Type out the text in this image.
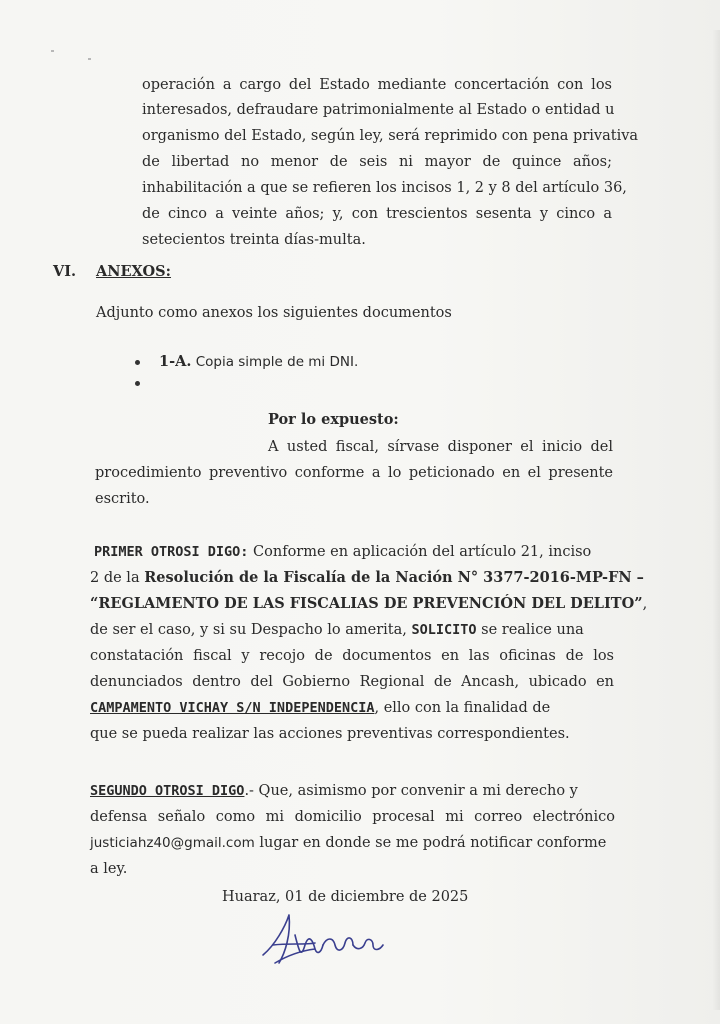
operación a cargo del Estado mediante concertación con los
interesados, defraudare patrimonialmente al Estado o entidad u
organismo del Estado, según ley, será reprimido con pena privativa
de libertad no menor de seis ni mayor de quince años;
inhabilitación a que se refieren los incisos 1, 2 y 8 del artículo 36,
de cinco a veinte años; y, con trescientos sesenta y cinco a
setecientos treinta días-multa.
VI. ANEXOS:
Adjunto como anexos los siguientes documentos
1-A. Copia simple de mi DNI.
Por lo expuesto:
A usted fiscal, sírvase disponer el inicio del
procedimiento preventivo conforme a lo peticionado en el presente
escrito.
PRIMER OTROSI DIGO: Conforme en aplicación del artículo 21, inciso
2 de la Resolución de la Fiscalía de la Nación N° 3377-2016-MP-FN –
“REGLAMENTO DE LAS FISCALIAS DE PREVENCIÓN DEL DELITO”,
de ser el caso, y si su Despacho lo amerita, SOLICITO se realice una
constatación fiscal y recojo de documentos en las oficinas de los
denunciados dentro del Gobierno Regional de Ancash, ubicado en
CAMPAMENTO VICHAY S/N INDEPENDENCIA, ello con la finalidad de
que se pueda realizar las acciones preventivas correspondientes.
SEGUNDO OTROSI DIGO.- Que, asimismo por convenir a mi derecho y
defensa señalo como mi domicilio procesal mi correo electrónico
justiciahz40@gmail.com lugar en donde se me podrá notificar conforme
a ley.
Huaraz, 01 de diciembre de 2025
